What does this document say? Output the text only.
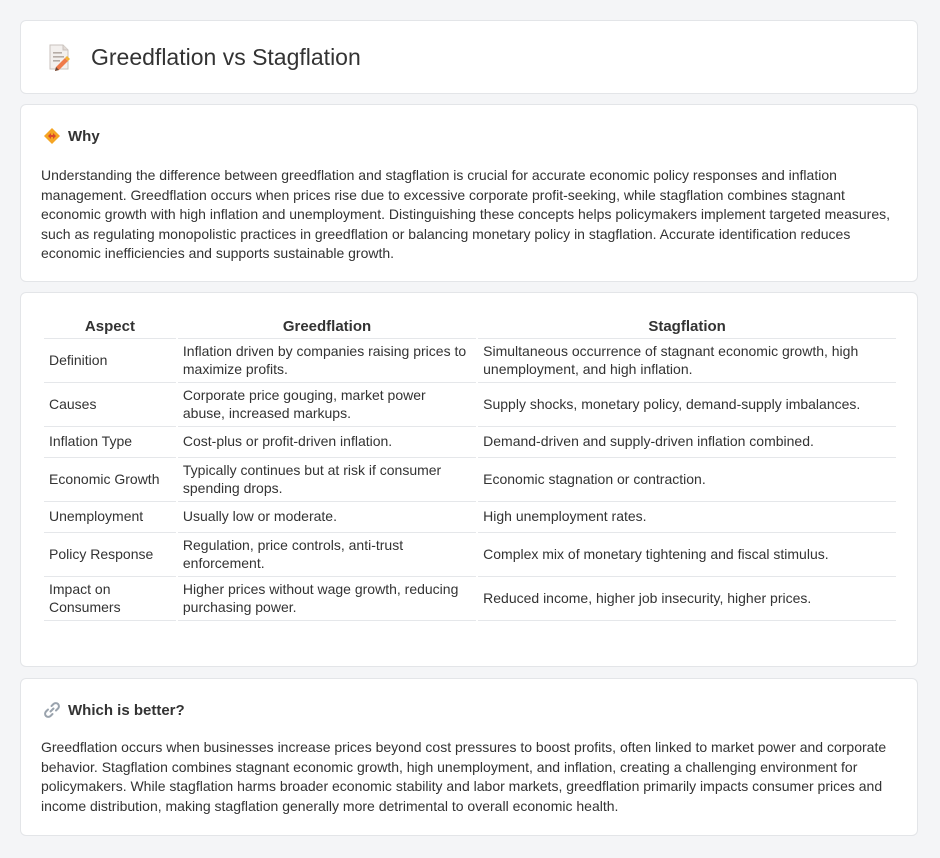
Greedflation vs Stagflation
Why

Understanding the difference between greedflation and stagflation is crucial for accurate economic policy responses and inflation management. Greedflation occurs when prices rise due to excessive corporate profit-seeking, while stagflation combines stagnant economic growth with high inflation and unemployment. Distinguishing these concepts helps policymakers implement targeted measures, such as regulating monopolistic practices in greedflation or balancing monetary policy in stagflation. Accurate identification reduces economic inefficiencies and supports sustainable growth.

Aspect	Greedflation	Stagflation
Definition	Inflation driven by companies raising prices to maximize profits.	Simultaneous occurrence of stagnant economic growth, high unemployment, and high inflation.
Causes	Corporate price gouging, market power abuse, increased markups.	Supply shocks, monetary policy, demand-supply imbalances.
Inflation Type	Cost-plus or profit-driven inflation.	Demand-driven and supply-driven inflation combined.
Economic Growth	Typically continues but at risk if consumer spending drops.	Economic stagnation or contraction.
Unemployment	Usually low or moderate.	High unemployment rates.
Policy Response	Regulation, price controls, anti-trust enforcement.	Complex mix of monetary tightening and fiscal stimulus.
Impact on Consumers	Higher prices without wage growth, reducing purchasing power.	Reduced income, higher job insecurity, higher prices.
Which is better?

Greedflation occurs when businesses increase prices beyond cost pressures to boost profits, often linked to market power and corporate behavior. Stagflation combines stagnant economic growth, high unemployment, and inflation, creating a challenging environment for policymakers. While stagflation harms broader economic stability and labor markets, greedflation primarily impacts consumer prices and income distribution, making stagflation generally more detrimental to overall economic health.
